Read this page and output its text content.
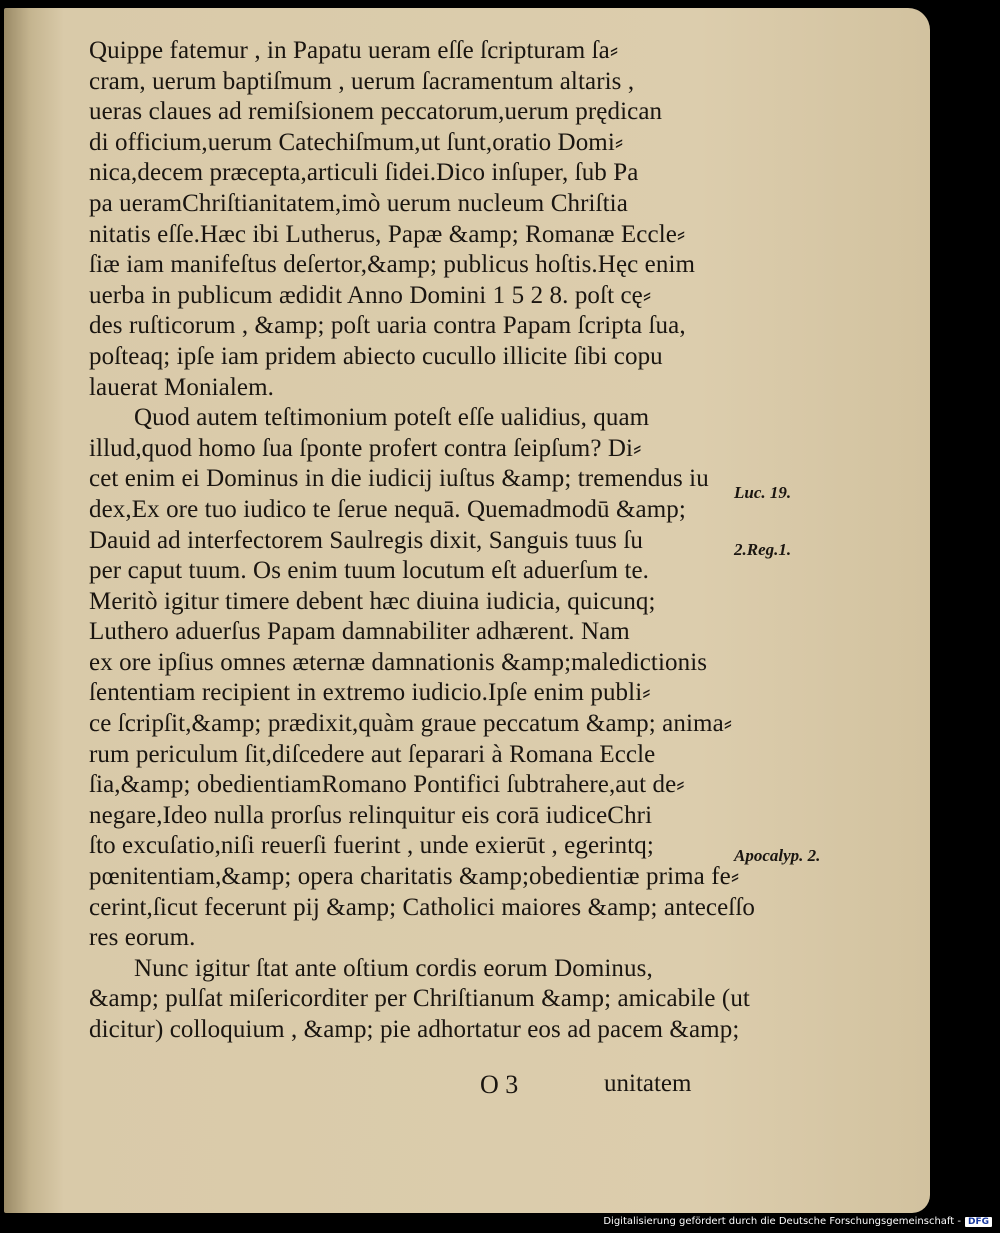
Quippe fatemur , in Papatu ueram eſſe ſcripturam ſa⸗
cram, uerum baptiſmum , uerum ſacramentum altaris ,
ueras claues ad remiſsionem peccatorum,uerum prędican
di officium,uerum Catechiſmum,ut ſunt,oratio Domi⸗
nica,decem præcepta,articuli ſidei.Dico inſuper, ſub Pa
pa ueramChriſtianitatem,imò uerum nucleum Chriſtia
nitatis eſſe.Hæc ibi Lutherus, Papæ &amp; Romanæ Eccle⸗
ſiæ iam manifeſtus deſertor,&amp; publicus hoſtis.Hęc enim
uerba in publicum ædidit Anno Domini 1 5 2 8. poſt cę⸗
des ruſticorum , &amp; poſt uaria contra Papam ſcripta ſua,
poſteaq; ipſe iam pridem abiecto cucullo illicite ſibi copu
lauerat Monialem.
Quod autem teſtimonium poteſt eſſe ualidius, quam
illud,quod homo ſua ſponte profert contra ſeipſum? Di⸗
cet enim ei Dominus in die iudicij iuſtus &amp; tremendus iu
dex,Ex ore tuo iudico te ſerue nequā. Quemadmodū &amp;
Dauid ad interfectorem Saulregis dixit, Sanguis tuus ſu
per caput tuum. Os enim tuum locutum eſt aduerſum te.
Meritò igitur timere debent hæc diuina iudicia, quicunq;
Luthero aduerſus Papam damnabiliter adhærent. Nam
ex ore ipſius omnes æternæ damnationis &amp;maledictionis
ſententiam recipient in extremo iudicio.Ipſe enim publi⸗
ce ſcripſit,&amp; prædixit,quàm graue peccatum &amp; anima⸗
rum periculum ſit,diſcedere aut ſeparari à Romana Eccle
ſia,&amp; obedientiamRomano Pontifici ſubtrahere,aut de⸗
negare,Ideo nulla prorſus relinquitur eis corā iudiceChri
ſto excuſatio,niſi reuerſi fuerint , unde exierūt , egerintq;
pœnitentiam,&amp; opera charitatis &amp;obedientiæ prima fe⸗
cerint,ſicut fecerunt pij &amp; Catholici maiores &amp; anteceſſo
res eorum.
Nunc igitur ſtat ante oſtium cordis eorum Dominus,
&amp; pulſat miſericorditer per Chriſtianum &amp; amicabile (ut
dicitur) colloquium , &amp; pie adhortatur eos ad pacem &amp;
Luc. 19.
2.Reg.1.
Apocalyp. 2.
O 3	unitatem
Digitalisierung gefördert durch die Deutsche Forschungsgemeinschaft - DFG
